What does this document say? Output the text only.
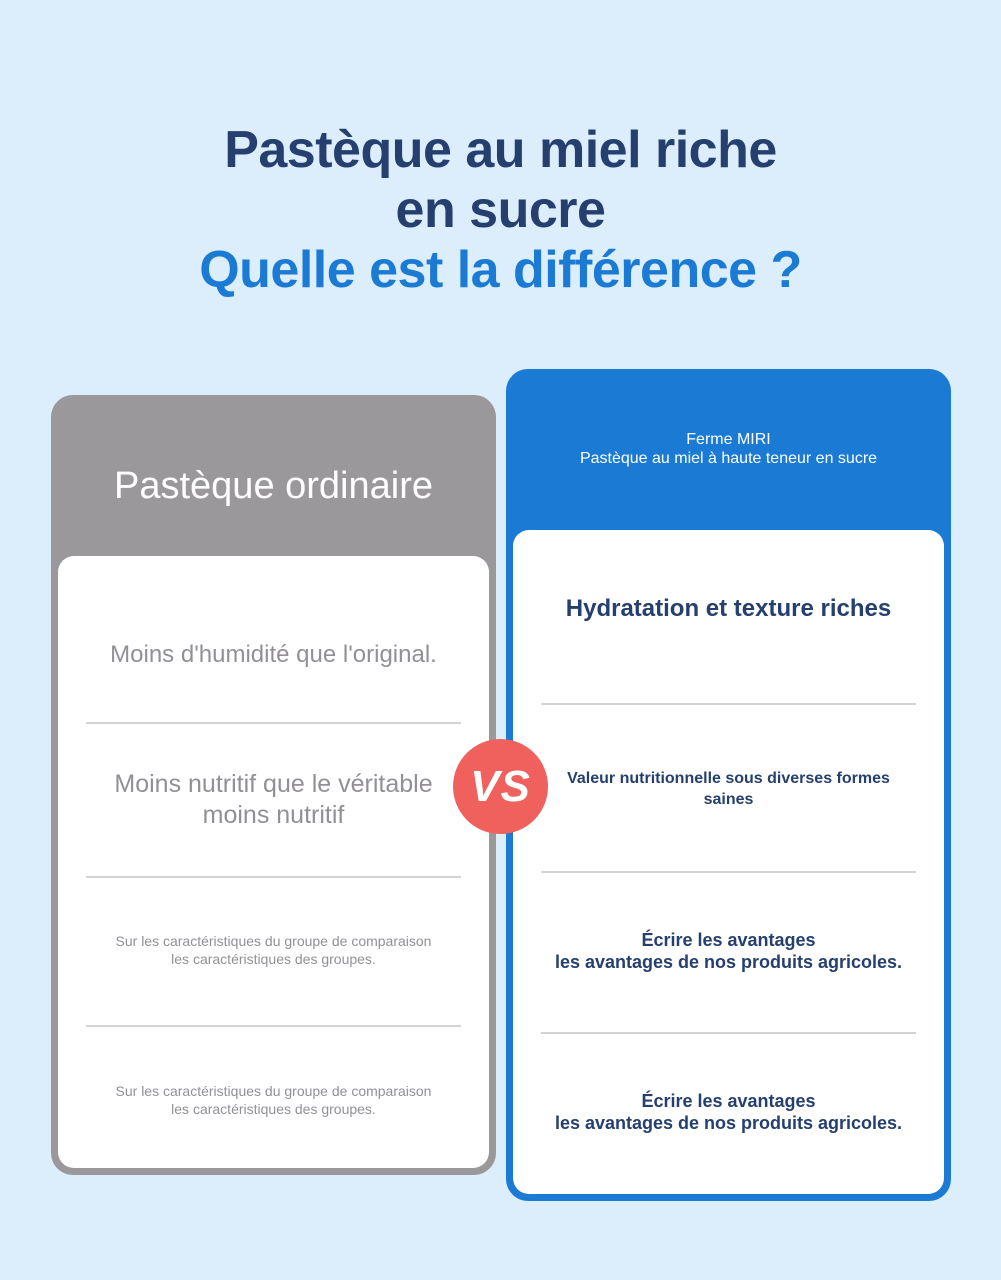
Pastèque au miel riche
en sucre
Quelle est la différence ?
Pastèque ordinaire
Moins d'humidité que l'original.
Moins nutritif que le véritable
moins nutritif
Sur les caractéristiques du groupe de comparaison
les caractéristiques des groupes.
Sur les caractéristiques du groupe de comparaison
les caractéristiques des groupes.
Ferme MIRI
Pastèque au miel à haute teneur en sucre
Hydratation et texture riches
Valeur nutritionnelle sous diverses formes
saines
Écrire les avantages
les avantages de nos produits agricoles.
Écrire les avantages
les avantages de nos produits agricoles.
VS
